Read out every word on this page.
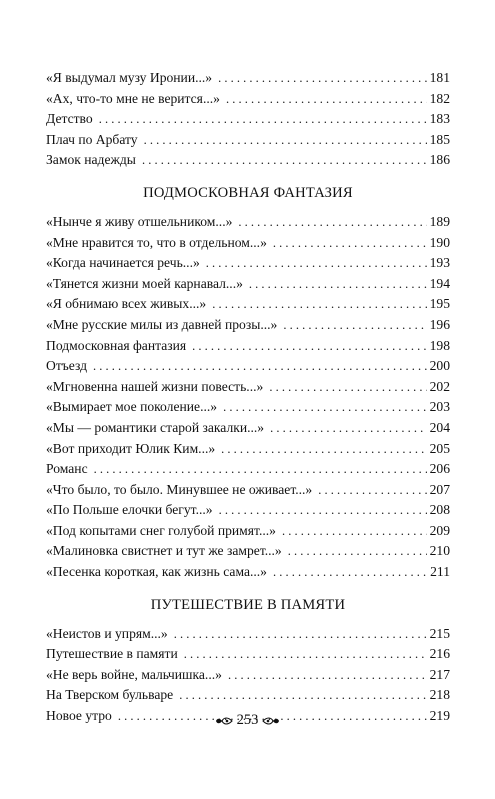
«Я выдумал музу Иронии...» . . .	181
«Ах, что-то мне не верится...» . . .	182
Детство . . .	183
Плач по Арбату . . .	185
Замок надежды . . .	186
ПОДМОСКОВНАЯ ФАНТАЗИЯ
«Нынче я живу отшельником...» . . .	189
«Мне нравится то, что в отдельном...» . . .	190
«Когда начинается речь...» . . .	193
«Тянется жизни моей карнавал...» . . .	194
«Я обнимаю всех живых...» . . .	195
«Мне русские милы из давней прозы...» . . .	196
Подмосковная фантазия . . .	198
Отъезд . . .	200
«Мгновенна нашей жизни повесть...» . . .	202
«Вымирает мое поколение...» . . .	203
«Мы — романтики старой закалки...» . . .	204
«Вот приходит Юлик Ким...» . . .	205
Романс . . .	206
«Что было, то было. Минувшее не оживает...» . . .	207
«По Польше елочки бегут...» . . .	208
«Под копытами снег голубой примят...» . . .	209
«Малиновка свистнет и тут же замрет...» . . .	210
«Песенка короткая, как жизнь сама...» . . .	211
ПУТЕШЕСТВИЕ В ПАМЯТИ
«Неистов и упрям...» . . .	215
Путешествие в памяти . . .	216
«Не верь войне, мальчишка...» . . .	217
На Тверском бульваре . . .	218
Новое утро . . .	219
253
